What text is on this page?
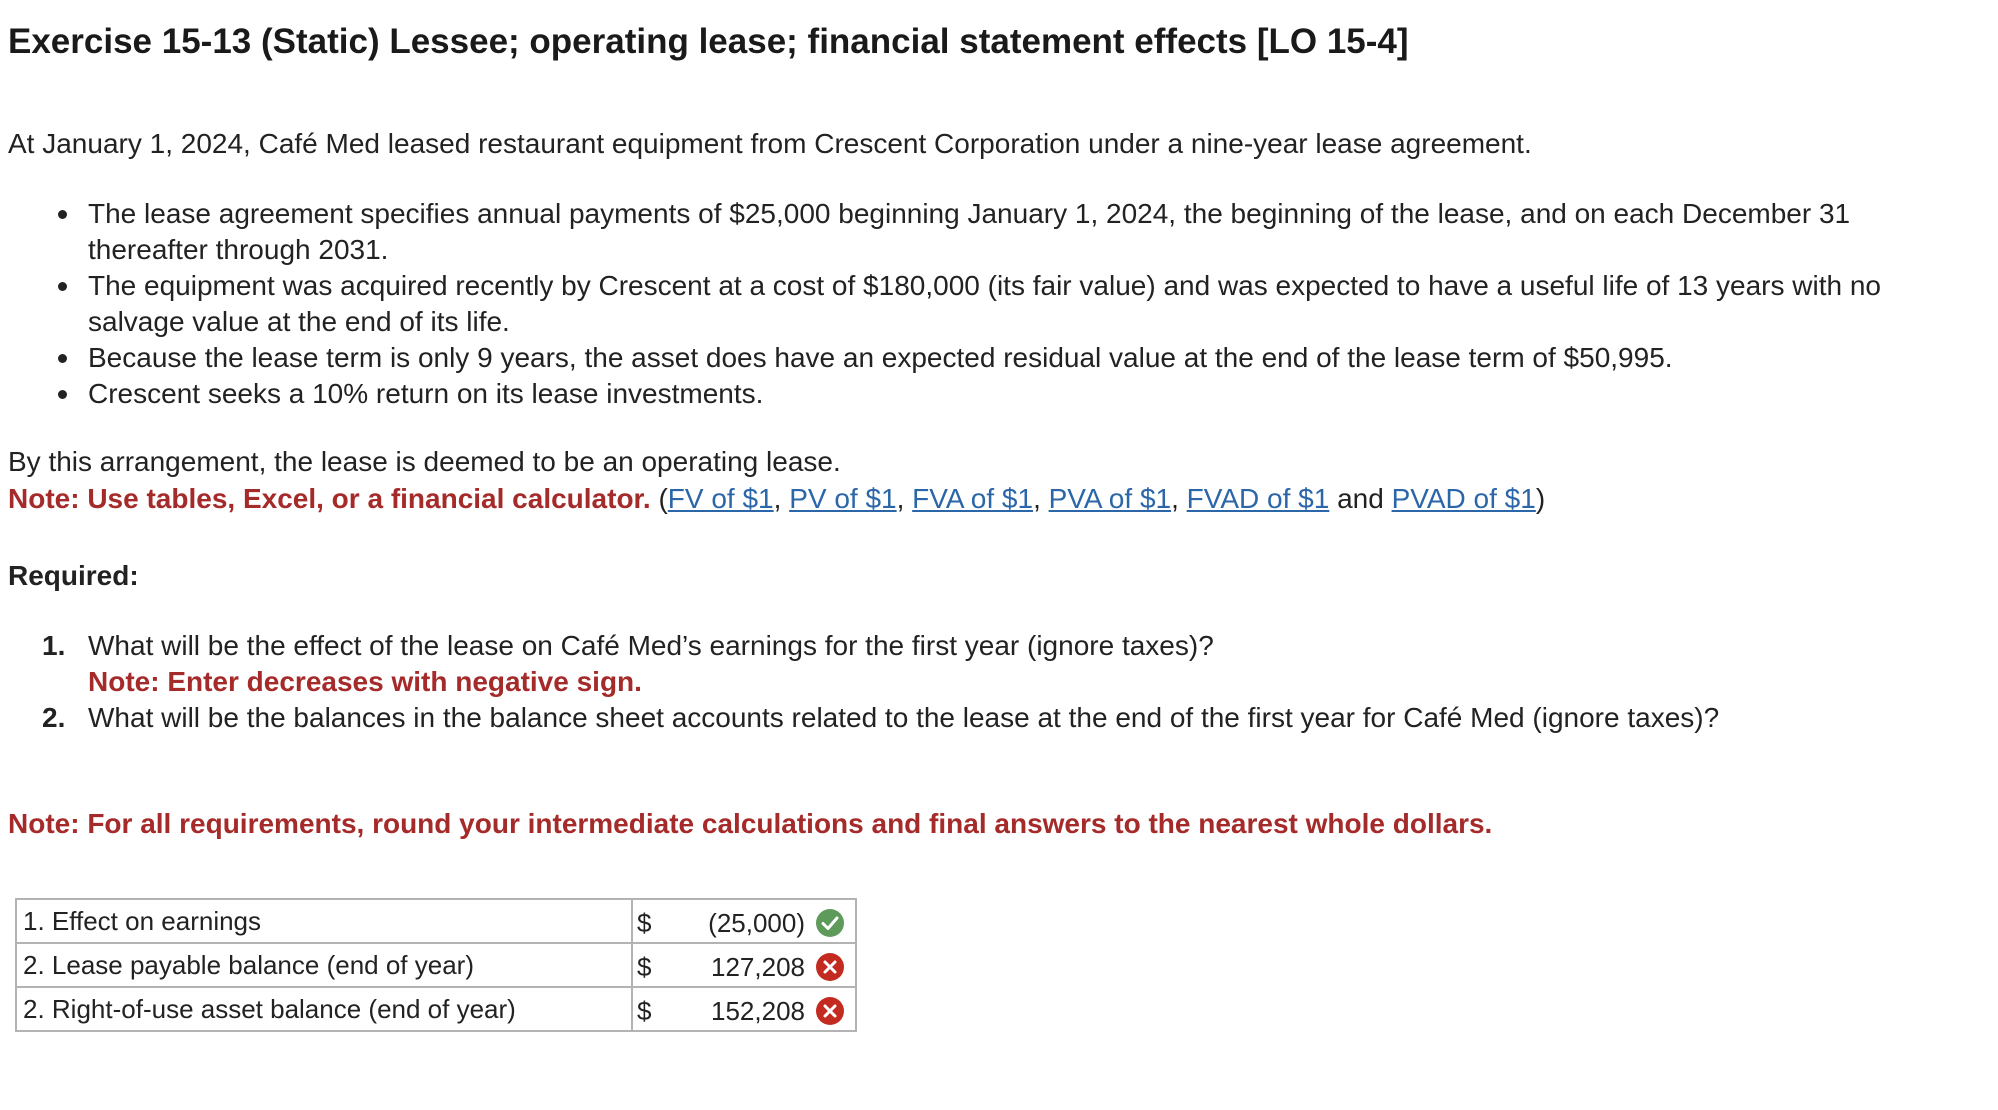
Exercise 15-13 (Static) Lessee; operating lease; financial statement effects [LO 15-4]
At January 1, 2024, Café Med leased restaurant equipment from Crescent Corporation under a nine-year lease agreement.
The lease agreement specifies annual payments of $25,000 beginning January 1, 2024, the beginning of the lease, and on each December 31 thereafter through 2031.
The equipment was acquired recently by Crescent at a cost of $180,000 (its fair value) and was expected to have a useful life of 13 years with no salvage value at the end of its life.
Because the lease term is only 9 years, the asset does have an expected residual value at the end of the lease term of $50,995.
Crescent seeks a 10% return on its lease investments.
By this arrangement, the lease is deemed to be an operating lease.
Note: Use tables, Excel, or a financial calculator. (FV of $1, PV of $1, FVA of $1, PVA of $1, FVAD of $1 and PVAD of $1)
Required:
1. What will be the effect of the lease on Café Med’s earnings for the first year (ignore taxes)?
Note: Enter decreases with negative sign.
2. What will be the balances in the balance sheet accounts related to the lease at the end of the first year for Café Med (ignore taxes)?
Note: For all requirements, round your intermediate calculations and final answers to the nearest whole dollars.
1. Effect on earnings	$ (25,000)

2. Lease payable balance (end of year)	$ 127,208

2. Right-of-use asset balance (end of year)	$ 152,208
